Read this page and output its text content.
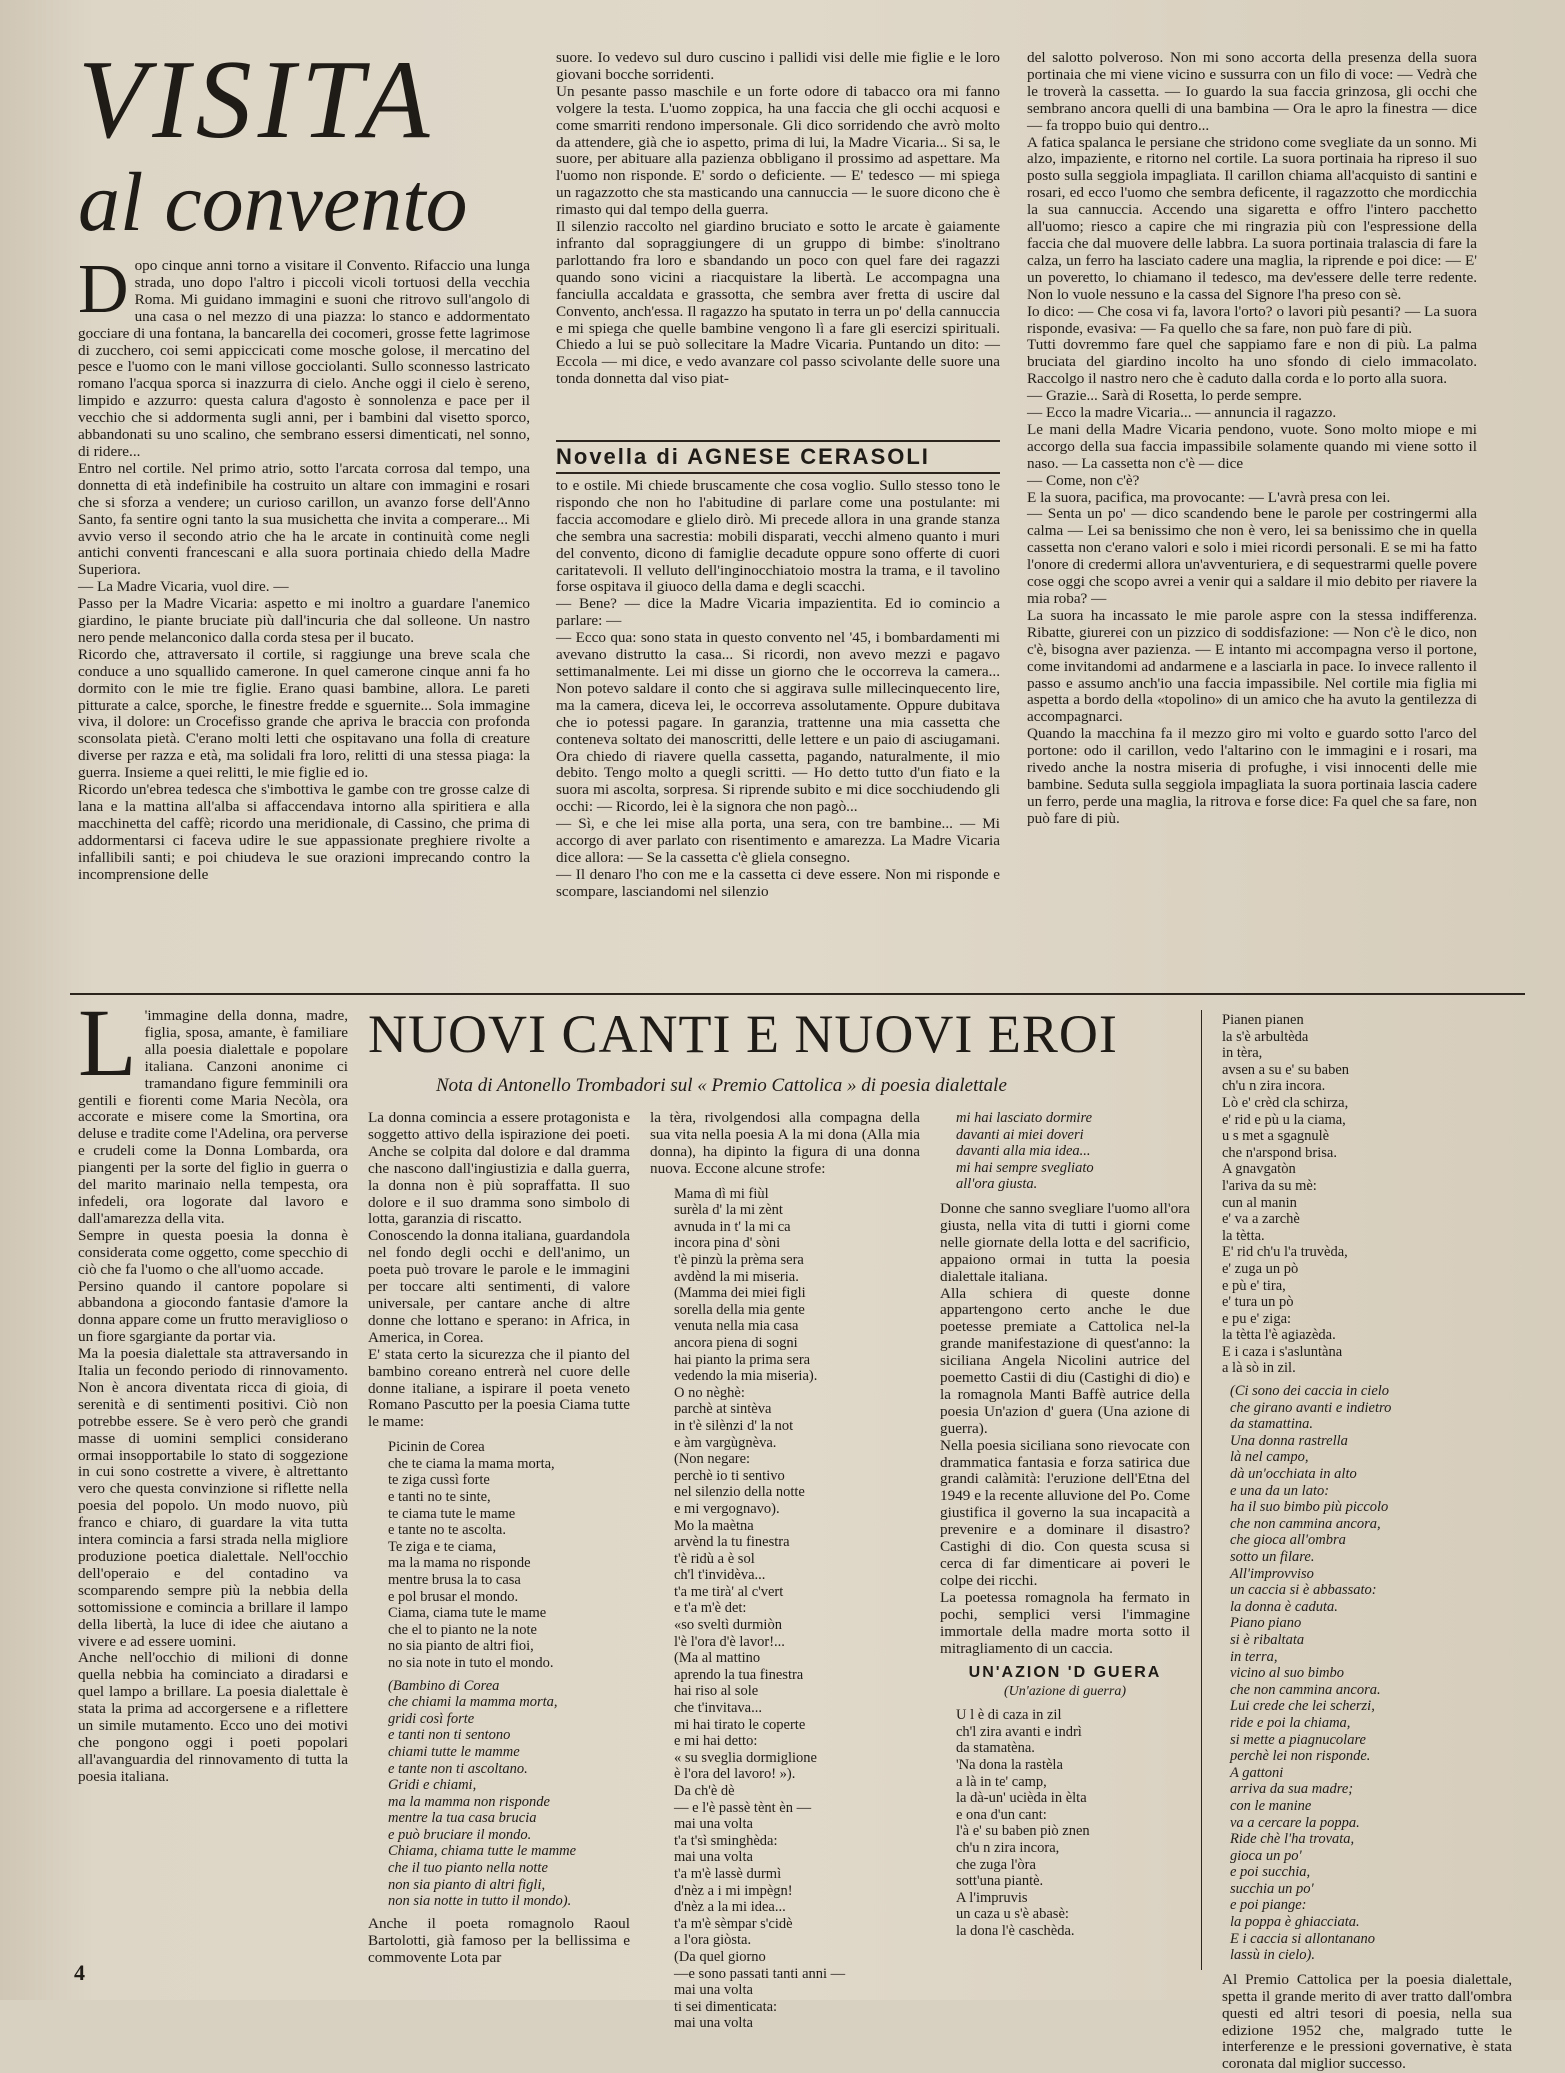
VISITA
al convento
D opo cinque anni torno a visitare il Convento. Rifaccio una lunga strada, uno dopo l'altro i piccoli vicoli tortuosi della vecchia Roma. Mi guidano immagini e suoni che ritrovo sull'angolo di una casa o nel mezzo di una piazza: lo stanco e addormentato gocciare di una fontana, la bancarella dei cocomeri, grosse fette lagrimose di zucchero, coi semi appiccicati come mosche golose, il mercatino del pesce e l'uomo con le mani villose gocciolanti. Sullo sconnesso lastricato romano l'acqua sporca si inazzurra di cielo. Anche oggi il cielo è sereno, limpido e azzurro: questa calura d'agosto è sonnolenza e pace per il vecchio che si addormenta sugli anni, per i bambini dal visetto sporco, abbandonati su uno scalino, che sembrano essersi dimenticati, nel sonno, di ridere...
Entro nel cortile. Nel primo atrio, sotto l'arcata corrosa dal tempo, una donnetta di età indefinibile ha costruito un altare con immagini e rosari che si sforza a vendere; un curioso carillon, un avanzo forse dell'Anno Santo, fa sentire ogni tanto la sua musichetta che invita a comperare... Mi avvio verso il secondo atrio che ha le arcate in continuità come negli antichi conventi francescani e alla suora portinaia chiedo della Madre Superiora.
— La Madre Vicaria, vuol dire. —
Passo per la Madre Vicaria: aspetto e mi inoltro a guardare l'anemico giardino, le piante bruciate più dall'incuria che dal solleone. Un nastro nero pende melanconico dalla corda stesa per il bucato.
Ricordo che, attraversato il cortile, si raggiunge una breve scala che conduce a uno squallido camerone. In quel camerone cinque anni fa ho dormito con le mie tre figlie. Erano quasi bambine, allora. Le pareti pitturate a calce, sporche, le finestre fredde e sguernite... Sola immagine viva, il dolore: un Crocefisso grande che apriva le braccia con profonda sconsolata pietà. C'erano molti letti che ospitavano una folla di creature diverse per razza e età, ma solidali fra loro, relitti di una stessa piaga: la guerra. Insieme a quei relitti, le mie figlie ed io.
Ricordo un'ebrea tedesca che s'imbottiva le gambe con tre grosse calze di lana e la mattina all'alba si affaccendava intorno alla spiritiera e alla macchinetta del caffè; ricordo una meridionale, di Cassino, che prima di addormentarsi ci faceva udire le sue appassionate preghiere rivolte a infallibili santi; e poi chiudeva le sue orazioni imprecando contro la incomprensione delle
suore. Io vedevo sul duro cuscino i pallidi visi delle mie figlie e le loro giovani bocche sorridenti.
Un pesante passo maschile e un forte odore di tabacco ora mi fanno volgere la testa. L'uomo zoppica, ha una faccia che gli occhi acquosi e come smarriti rendono impersonale. Gli dico sorridendo che avrò molto da attendere, già che io aspetto, prima di lui, la Madre Vicaria... Si sa, le suore, per abituare alla pazienza obbligano il prossimo ad aspettare. Ma l'uomo non risponde. E' sordo o deficiente. — E' tedesco — mi spiega un ragazzotto che sta masticando una cannuccia — le suore dicono che è rimasto qui dal tempo della guerra.
Il silenzio raccolto nel giardino bruciato e sotto le arcate è gaiamente infranto dal sopraggiungere di un gruppo di bimbe: s'inoltrano parlottando fra loro e sbandando un poco con quel fare dei ragazzi quando sono vicini a riacquistare la libertà. Le accompagna una fanciulla accaldata e grassotta, che sembra aver fretta di uscire dal Convento, anch'essa. Il ragazzo ha sputato in terra un po' della cannuccia e mi spiega che quelle bambine vengono lì a fare gli esercizi spirituali. Chiedo a lui se può sollecitare la Madre Vicaria. Puntando un dito: — Eccola — mi dice, e vedo avanzare col passo scivolante delle suore una tonda donnetta dal viso piat-
Novella di AGNESE CERASOLI
to e ostile. Mi chiede bruscamente che cosa voglio. Sullo stesso tono le rispondo che non ho l'abitudine di parlare come una postulante: mi faccia accomodare e glielo dirò. Mi precede allora in una grande stanza che sembra una sacrestia: mobili disparati, vecchi almeno quanto i muri del convento, dicono di famiglie decadute oppure sono offerte di cuori caritatevoli. Il velluto dell'inginocchiatoio mostra la trama, e il tavolino forse ospitava il giuoco della dama e degli scacchi.
— Bene? — dice la Madre Vicaria impazientita. Ed io comincio a parlare: —
— Ecco qua: sono stata in questo convento nel '45, i bombardamenti mi avevano distrutto la casa... Si ricordi, non avevo mezzi e pagavo settimanalmente. Lei mi disse un giorno che le occorreva la camera... Non potevo saldare il conto che si aggirava sulle millecinquecento lire, ma la camera, diceva lei, le occorreva assolutamente. Oppure dubitava che io potessi pagare. In garanzia, trattenne una mia cassetta che conteneva soltato dei manoscritti, delle lettere e un paio di asciugamani. Ora chiedo di riavere quella cassetta, pagando, naturalmente, il mio debito. Tengo molto a quegli scritti. — Ho detto tutto d'un fiato e la suora mi ascolta, sorpresa. Si riprende subito e mi dice socchiudendo gli occhi: — Ricordo, lei è la signora che non pagò...
— Sì, e che lei mise alla porta, una sera, con tre bambine... — Mi accorgo di aver parlato con risentimento e amarezza. La Madre Vicaria dice allora: — Se la cassetta c'è gliela consegno.
— Il denaro l'ho con me e la cassetta ci deve essere. Non mi risponde e scompare, lasciandomi nel silenzio
del salotto polveroso. Non mi sono accorta della presenza della suora portinaia che mi viene vicino e sussurra con un filo di voce: — Vedrà che le troverà la cassetta. — Io guardo la sua faccia grinzosa, gli occhi che sembrano ancora quelli di una bambina — Ora le apro la finestra — dice — fa troppo buio qui dentro...
A fatica spalanca le persiane che stridono come svegliate da un sonno. Mi alzo, impaziente, e ritorno nel cortile. La suora portinaia ha ripreso il suo posto sulla seggiola impagliata. Il carillon chiama all'acquisto di santini e rosari, ed ecco l'uomo che sembra deficente, il ragazzotto che mordicchia la sua cannuccia. Accendo una sigaretta e offro l'intero pacchetto all'uomo; riesco a capire che mi ringrazia più con l'espressione della faccia che dal muovere delle labbra. La suora portinaia tralascia di fare la calza, un ferro ha lasciato cadere una maglia, la riprende e poi dice: — E' un poveretto, lo chiamano il tedesco, ma dev'essere delle terre redente. Non lo vuole nessuno e la cassa del Signore l'ha preso con sè.
Io dico: — Che cosa vi fa, lavora l'orto? o lavori più pesanti? — La suora risponde, evasiva: — Fa quello che sa fare, non può fare di più.
Tutti dovremmo fare quel che sappiamo fare e non di più. La palma bruciata del giardino incolto ha uno sfondo di cielo immacolato. Raccolgo il nastro nero che è caduto dalla corda e lo porto alla suora.
— Grazie... Sarà di Rosetta, lo perde sempre.
— Ecco la madre Vicaria... — annuncia il ragazzo.
Le mani della Madre Vicaria pendono, vuote. Sono molto miope e mi accorgo della sua faccia impassibile solamente quando mi viene sotto il naso. — La cassetta non c'è — dice
— Come, non c'è?
E la suora, pacifica, ma provocante: — L'avrà presa con lei.
— Senta un po' — dico scandendo bene le parole per costringermi alla calma — Lei sa benissimo che non è vero, lei sa benissimo che in quella cassetta non c'erano valori e solo i miei ricordi personali. E se mi ha fatto l'onore di credermi allora un'avventuriera, e di sequestrarmi quelle povere cose oggi che scopo avrei a venir qui a saldare il mio debito per riavere la mia roba? —
La suora ha incassato le mie parole aspre con la stessa indifferenza. Ribatte, giurerei con un pizzico di soddisfazione: — Non c'è le dico, non c'è, bisogna aver pazienza. — E intanto mi accompagna verso il portone, come invitandomi ad andarmene e a lasciarla in pace. Io invece rallento il passo e assumo anch'io una faccia impassibile. Nel cortile mia figlia mi aspetta a bordo della «topolino» di un amico che ha avuto la gentilezza di accompagnarci.
Quando la macchina fa il mezzo giro mi volto e guardo sotto l'arco del portone: odo il carillon, vedo l'altarino con le immagini e i rosari, ma rivedo anche la nostra miseria di profughe, i visi innocenti delle mie bambine. Seduta sulla seggiola impagliata la suora portinaia lascia cadere un ferro, perde una maglia, la ritrova e forse dice: Fa quel che sa fare, non può fare di più.
L 'immagine della donna, madre, figlia, sposa, amante, è familiare alla poesia dialettale e popolare italiana. Canzoni anonime ci tramandano figure femminili ora gentili e fiorenti come Maria Necòla, ora accorate e misere come la Smortina, ora deluse e tradite come l'Adelina, ora perverse e crudeli come la Donna Lombarda, ora piangenti per la sorte del figlio in guerra o del marito marinaio nella tempesta, ora infedeli, ora logorate dal lavoro e dall'amarezza della vita.
Sempre in questa poesia la donna è considerata come oggetto, come specchio di ciò che fa l'uomo o che all'uomo accade.
Persino quando il cantore popolare si abbandona a giocondo fantasie d'amore la donna appare come un frutto meraviglioso o un fiore sgargiante da portar via.
Ma la poesia dialettale sta attraversando in Italia un fecondo periodo di rinnovamento. Non è ancora diventata ricca di gioia, di serenità e di sentimenti positivi. Ciò non potrebbe essere. Se è vero però che grandi masse di uomini semplici considerano ormai insopportabile lo stato di soggezione in cui sono costrette a vivere, è altrettanto vero che questa convinzione si riflette nella poesia del popolo. Un modo nuovo, più franco e chiaro, di guardare la vita tutta intera comincia a farsi strada nella migliore produzione poetica dialettale. Nell'occhio dell'operaio e del contadino va scomparendo sempre più la nebbia della sottomissione e comincia a brillare il lampo della libertà, la luce di idee che aiutano a vivere e ad essere uomini.
Anche nell'occhio di milioni di donne quella nebbia ha cominciato a diradarsi e quel lampo a brillare. La poesia dialettale è stata la prima ad accorgersene e a riflettere un simile mutamento. Ecco uno dei motivi che pongono oggi i poeti popolari all'avanguardia del rinnovamento di tutta la poesia italiana.
NUOVI CANTI E NUOVI EROI
Nota di Antonello Trombadori sul « Premio Cattolica » di poesia dialettale
La donna comincia a essere protagonista e soggetto attivo della ispirazione dei poeti. Anche se colpita dal dolore e dal dramma che nascono dall'ingiustizia e dalla guerra, la donna non è più sopraffatta. Il suo dolore e il suo dramma sono simbolo di lotta, garanzia di riscatto.
Conoscendo la donna italiana, guardandola nel fondo degli occhi e dell'animo, un poeta può trovare le parole e le immagini per toccare alti sentimenti, di valore universale, per cantare anche di altre donne che lottano e sperano: in Africa, in America, in Corea.
E' stata certo la sicurezza che il pianto del bambino coreano entrerà nel cuore delle donne italiane, a ispirare il poeta veneto Romano Pascutto per la poesia Ciama tutte le mame:
Picinin de Corea
che te ciama la mama morta,
te ziga cussì forte
e tanti no te sinte,
te ciama tute le mame
e tante no te ascolta.
Te ziga e te ciama,
ma la mama no risponde
mentre brusa la to casa
e pol brusar el mondo.
Ciama, ciama tute le mame
che el to pianto ne la note
no sia pianto de altri fioi,
no sia note in tuto el mondo.
(Bambino di Corea
che chiami la mamma morta,
gridi così forte
e tanti non ti sentono
chiami tutte le mamme
e tante non ti ascoltano.
Gridi e chiami,
ma la mamma non risponde
mentre la tua casa brucia
e può bruciare il mondo.
Chiama, chiama tutte le mamme
che il tuo pianto nella notte
non sia pianto di altri figli,
non sia notte in tutto il mondo).
Anche il poeta romagnolo Raoul Bartolotti, già famoso per la bellissima e commovente Lota par
la tèra, rivolgendosi alla compagna della sua vita nella poesia A la mi dona (Alla mia donna), ha dipinto la figura di una donna nuova. Eccone alcune strofe:
Mama dì mi fiùl
surèla d' la mi zènt
avnuda in t' la mi ca
incora pina d' sòni
t'è pinzù la prèma sera
avdènd la mi miseria.
(Mamma dei miei figli
sorella della mia gente
venuta nella mia casa
ancora piena di sogni
hai pianto la prima sera
vedendo la mia miseria).
O no nèghè:
parchè at sintèva
in t'è silènzi d' la not
e àm vargùgnèva.
(Non negare:
perchè io ti sentivo
nel silenzio della notte
e mi vergognavo).
Mo la maètna
arvènd la tu finestra
t'è ridù a è sol
ch'l t'invidèva...
t'a me tirà' al c'vert
e t'a m'è det:
«so sveltì durmiòn
l'è l'ora d'è lavor!...
(Ma al mattino
aprendo la tua finestra
hai riso al sole
che t'invitava...
mi hai tirato le coperte
e mi hai detto:
« su sveglia dormiglione
è l'ora del lavoro! »).
Da ch'è dè
— e l'è passè tènt èn —
mai una volta
t'a t'sì sminghèda:
mai una volta
t'a m'è lassè durmì
d'nèz a i mi impègn!
d'nèz a la mi idea...
t'a m'è sèmpar s'cidè
a l'ora giòsta.
(Da quel giorno
—e sono passati tanti anni —
mai una volta
ti sei dimenticata:
mai una volta
mi hai lasciato dormire
davanti ai miei doveri
davanti alla mia idea...
mi hai sempre svegliato
all'ora giusta.
Donne che sanno svegliare l'uomo all'ora giusta, nella vita di tutti i giorni come nelle giornate della lotta e del sacrificio, appaiono ormai in tutta la poesia dialettale italiana.
Alla schiera di queste donne appartengono certo anche le due poetesse premiate a Cattolica nel-la grande manifestazione di quest'anno: la siciliana Angela Nicolini autrice del poemetto Castii di diu (Castighi di dio) e la romagnola Manti Baffè autrice della poesia Un'azion d' guera (Una azione di guerra).
Nella poesia siciliana sono rievocate con drammatica fantasia e forza satirica due grandi calàmità: l'eruzione dell'Etna del 1949 e la recente alluvione del Po. Come giustifica il governo la sua incapacità a prevenire e a dominare il disastro? Castighi di dio. Con questa scusa si cerca di far dimenticare ai poveri le colpe dei ricchi.
La poetessa romagnola ha fermato in pochi, semplici versi l'immagine immortale della madre morta sotto il mitragliamento di un caccia.
UN'AZION 'D GUERA
(Un'azione di guerra)
U l è di caza in zil
ch'l zira avanti e indrì
da stamatèna.
'Na dona la rastèla
a là in te' camp,
la dà-un' ucièda in èlta
e ona d'un cant:
l'à e' su baben piò znen
ch'u n zira incora,
che zuga l'òra
sott'una piantè.
A l'impruvis
un caza u s'è abasè:
la dona l'è caschèda.
Pianen pianen
la s'è arbultèda
in tèra,
avsen a su e' su baben
ch'u n zira incora.
Lò e' crèd cla schirza,
e' rid e pù u la ciama,
u s met a sgagnulè
che n'arspond brisa.
A gnavgatòn
l'ariva da su mè:
cun al manin
e' va a zarchè
la tètta.
E' rid ch'u l'a truvèda,
e' zuga un pò
e pù e' tira,
e' tura un pò
e pu e' ziga:
la tètta l'è agiazèda.
E i caza i s'asluntàna
a là sò in zil.
(Ci sono dei caccia in cielo
che girano avanti e indietro
da stamattina.
Una donna rastrella
là nel campo,
dà un'occhiata in alto
e una da un lato:
ha il suo bimbo più piccolo
che non cammina ancora,
che gioca all'ombra
sotto un filare.
All'improvviso
un caccia si è abbassato:
la donna è caduta.
Piano piano
si è ribaltata
in terra,
vicino al suo bimbo
che non cammina ancora.
Lui crede che lei scherzi,
ride e poi la chiama,
si mette a piagnucolare
perchè lei non risponde.
A gattoni
arriva da sua madre;
con le manine
va a cercare la poppa.
Ride chè l'ha trovata,
gioca un po'
e poi succhia,
succhia un po'
e poi piange:
la poppa è ghiacciata.
E i caccia si allontanano
lassù in cielo).
Al Premio Cattolica per la poesia dialettale, spetta il grande merito di aver tratto dall'ombra questi ed altri tesori di poesia, nella sua edizione 1952 che, malgrado tutte le interferenze e le pressioni governative, è stata coronata dal miglior successo.
4
